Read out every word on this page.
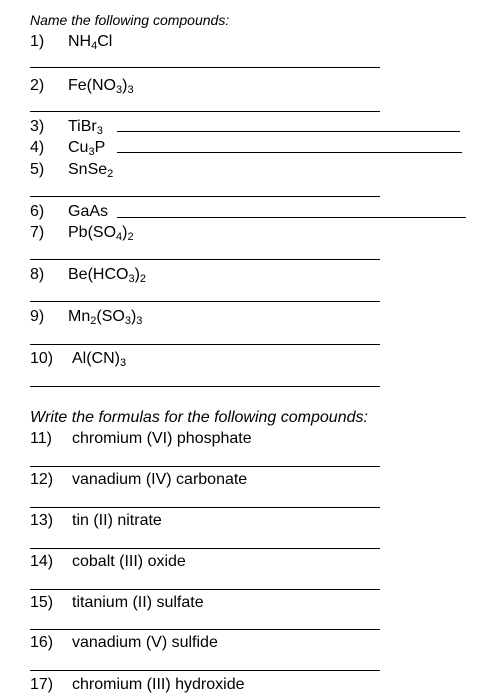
Name the following compounds:
1) $NH_4Cl$
2) $Fe(NO_3)_3$
3) TiBr$_3$
4) $Cu_3P$
5) SnSe$_2$
6) GaAs
7) $Pb(SO_4)_2$
8) $Be(HCO_3)_2$
9) $Mn_2(SO_3)_3$
10) $Al(CN)_3$
Write the formulas for the following compounds:
11) chromium (VI) phosphate
12) vanadium (IV) carbonate
13) tin (II) nitrate
14) cobalt (III) oxide
15) titanium (II) sulfate
16) vanadium (V) sulfide
17) chromium (III) hydroxide
